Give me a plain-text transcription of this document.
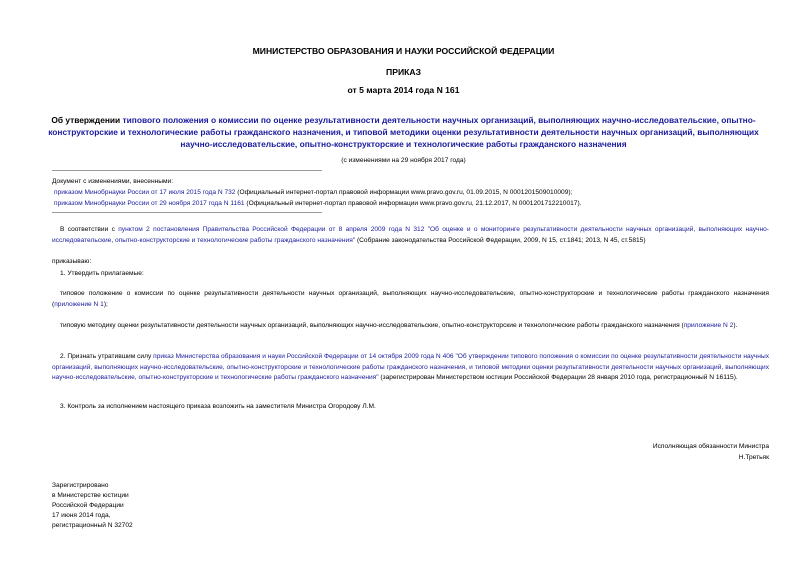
МИНИСТЕРСТВО ОБРАЗОВАНИЯ И НАУКИ РОССИЙСКОЙ ФЕДЕРАЦИИ
ПРИКАЗ
от 5 марта 2014 года N 161
Об утверждении типового положения о комиссии по оценке результативности деятельности научных организаций, выполняющих научно-исследовательские, опытно-конструкторские и технологические работы гражданского назначения, и типовой методики оценки результативности деятельности научных организаций, выполняющих научно-исследовательские, опытно-конструкторские и технологические работы гражданского назначения
(с изменениями на 29 ноября 2017 года)
Документ с изменениями, внесенными:
приказом Минобрнауки России от 17 июля 2015 года N 732 (Официальный интернет-портал правовой информации www.pravo.gov.ru, 01.09.2015, N 0001201509010009);
приказом Минобрнауки России от 29 ноября 2017 года N 1161 (Официальный интернет-портал правовой информации www.pravo.gov.ru, 21.12.2017, N 0001201712210017).
В соответствии с пунктом 2 постановления Правительства Российской Федерации от 8 апреля 2009 года N 312 "Об оценке и о мониторинге результативности деятельности научных организаций, выполняющих научно-исследовательские, опытно-конструкторские и технологические работы гражданского назначения" (Собрание законодательства Российской Федерации, 2009, N 15, ст.1841; 2013, N 45, ст.5815)
приказываю:
1. Утвердить прилагаемые:
типовое положение о комиссии по оценке результативности деятельности научных организаций, выполняющих научно-исследовательские, опытно-конструкторские и технологические работы гражданского назначения (приложение N 1);
типовую методику оценки результативности деятельности научных организаций, выполняющих научно-исследовательские, опытно-конструкторские и технологические работы гражданского назначения (приложение N 2).
2. Признать утратившим силу приказ Министерства образования и науки Российской Федерации от 14 октября 2009 года N 406 "Об утверждении типового положения о комиссии по оценке результативности деятельности научных организаций, выполняющих научно-исследовательские, опытно-конструкторские и технологические работы гражданского назначения, и типовой методики оценки результативности деятельности научных организаций, выполняющих научно-исследовательские, опытно-конструкторские и технологические работы гражданского назначения" (зарегистрирован Министерством юстиции Российской Федерации 28 января 2010 года, регистрационный N 16115).
3. Контроль за исполнением настоящего приказа возложить на заместителя Министра Огородову Л.М.
Исполняющая обязанности Министра
Н.Третьяк
Зарегистрировано
в Министерстве юстиции
Российской Федерации
17 июня 2014 года,
регистрационный N 32702
